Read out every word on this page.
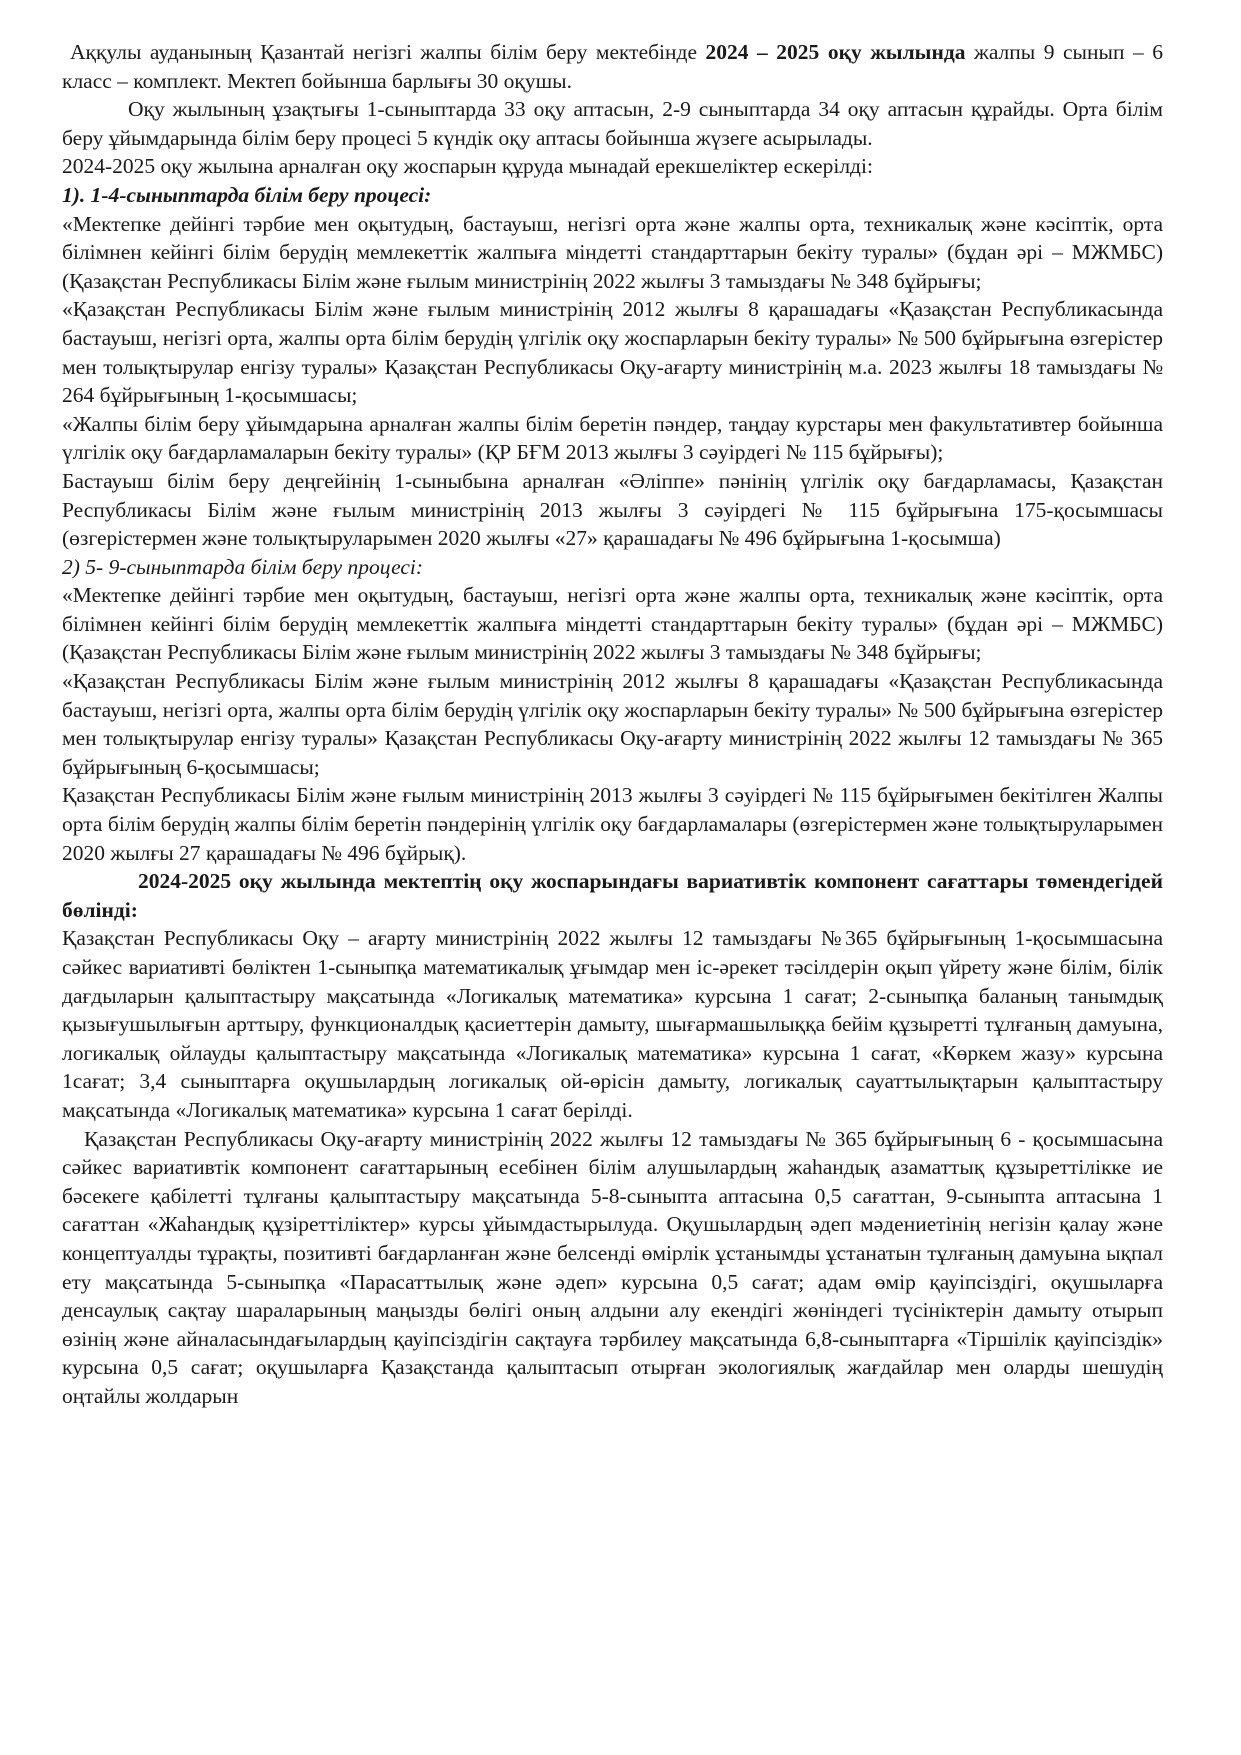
Аққулы ауданының Қазантай негізгі жалпы білім беру мектебінде 2024 – 2025 оқу жылында жалпы 9 сынып – 6 класс – комплект. Мектеп бойынша барлығы 30 оқушы.

Оқу жылының ұзақтығы 1-сыныптарда 33 оқу аптасын, 2-9 сыныптарда 34 оқу аптасын құрайды. Орта білім беру ұйымдарында білім беру процесі 5 күндік оқу аптасы бойынша жүзеге асырылады.

2024-2025 оқу жылына арналған оқу жоспарын құруда мынадай ерекшеліктер ескерілді:

1). 1-4-сыныптарда білім беру процесі:

«Мектепке дейінгі тәрбие мен оқытудың, бастауыш, негізгі орта және жалпы орта, техникалық және кәсіптік, орта білімнен кейінгі білім берудің мемлекеттік жалпыға міндетті стандарттарын бекіту туралы» (бұдан әрі – МЖМБС) (Қазақстан Республикасы Білім және ғылым министрінің 2022 жылғы 3 тамыздағы № 348 бұйрығы;

«Қазақстан Республикасы Білім және ғылым министрінің 2012 жылғы 8 қарашадағы «Қазақстан Республикасында бастауыш, негізгі орта, жалпы орта білім берудің үлгілік оқу жоспарларын бекіту туралы» № 500 бұйрығына өзгерістер мен толықтырулар енгізу туралы» Қазақстан Республикасы Оқу-ағарту министрінің м.а. 2023 жылғы 18 тамыздағы № 264 бұйрығының 1-қосымшасы;

«Жалпы білім беру ұйымдарына арналған жалпы білім беретін пәндер, таңдау курстары мен факультативтер бойынша үлгілік оқу бағдарламаларын бекіту туралы» (ҚР БҒМ 2013 жылғы 3 сәуірдегі № 115 бұйрығы);

Бастауыш білім беру деңгейінің 1-сыныбына арналған «Әліппе» пәнінің үлгілік оқу бағдарламасы, Қазақстан Республикасы Білім және ғылым министрінің 2013 жылғы 3 сәуірдегі № 115 бұйрығына 175-қосымшасы (өзгерістермен және толықтыруларымен 2020 жылғы «27» қарашадағы № 496 бұйрығына 1-қосымша)

2) 5- 9-сыныптарда білім беру процесі:

«Мектепке дейінгі тәрбие мен оқытудың, бастауыш, негізгі орта және жалпы орта, техникалық және кәсіптік, орта білімнен кейінгі білім берудің мемлекеттік жалпыға міндетті стандарттарын бекіту туралы» (бұдан әрі – МЖМБС) (Қазақстан Республикасы Білім және ғылым министрінің 2022 жылғы 3 тамыздағы № 348 бұйрығы;

«Қазақстан Республикасы Білім және ғылым министрінің 2012 жылғы 8 қарашадағы «Қазақстан Республикасында бастауыш, негізгі орта, жалпы орта білім берудің үлгілік оқу жоспарларын бекіту туралы» № 500 бұйрығына өзгерістер мен толықтырулар енгізу туралы» Қазақстан Республикасы Оқу-ағарту министрінің 2022 жылғы 12 тамыздағы № 365 бұйрығының 6-қосымшасы;

Қазақстан Республикасы Білім және ғылым министрінің 2013 жылғы 3 сәуірдегі № 115 бұйрығымен бекітілген Жалпы орта білім берудің жалпы білім беретін пәндерінің үлгілік оқу бағдарламалары (өзгерістермен және толықтыруларымен 2020 жылғы 27 қарашадағы № 496 бұйрық).

2024-2025 оқу жылында мектептің оқу жоспарындағы вариативтік компонент сағаттары төмендегідей бөлінді:

Қазақстан Республикасы Оқу – ағарту министрінің 2022 жылғы 12 тамыздағы №365 бұйрығының 1-қосымшасына сәйкес вариативті бөліктен 1-сыныпқа математикалық ұғымдар мен іс-әрекет тәсілдерін оқып үйрету және білім, білік дағдыларын қалыптастыру мақсатында «Логикалық математика» курсына 1 сағат; 2-сыныпқа баланың танымдық қызығушылығын арттыру, функционалдық қасиеттерін дамыту, шығармашылыққа бейім құзыретті тұлғаның дамуына, логикалық ойлауды қалыптастыру мақсатында «Логикалық математика» курсына 1 сағат, «Көркем жазу» курсына 1сағат; 3,4 сыныптарға оқушылардың логикалық ой-өрісін дамыту, логикалық сауаттылықтарын қалыптастыру мақсатында «Логикалық математика» курсына 1 сағат берілді.

Қазақстан Республикасы Оқу-ағарту министрінің 2022 жылғы 12 тамыздағы № 365 бұйрығының 6 - қосымшасына сәйкес вариативтік компонент сағаттарының есебінен білім алушылардың жаһандық азаматтық құзыреттілікке ие бәсекеге қабілетті тұлғаны қалыптастыру мақсатында 5-8-сыныпта аптасына 0,5 сағаттан, 9-сыныпта аптасына 1 сағаттан «Жаһандық құзіреттіліктер» курсы ұйымдастырылуда. Оқушылардың әдеп мәдениетінің негізін қалау және концептуалды тұрақты, позитивті бағдарланған және белсенді өмірлік ұстанымды ұстанатын тұлғаның дамуына ықпал ету мақсатында 5-сыныпқа «Парасаттылық және әдеп» курсына 0,5 сағат; адам өмір қауіпсіздігі, оқушыларға денсаулық сақтау шараларының маңызды бөлігі оның алдыни алу екендігі жөніндегі түсініктерін дамыту отырып өзінің және айналасындағылардың қауіпсіздігін сақтауға тәрбилеу мақсатында 6,8-сыныптарға «Тіршілік қауіпсіздік» курсына 0,5 сағат; оқушыларға Қазақстанда қалыптасып отырған экологиялық жағдайлар мен оларды шешудің оңтайлы жолдарын
